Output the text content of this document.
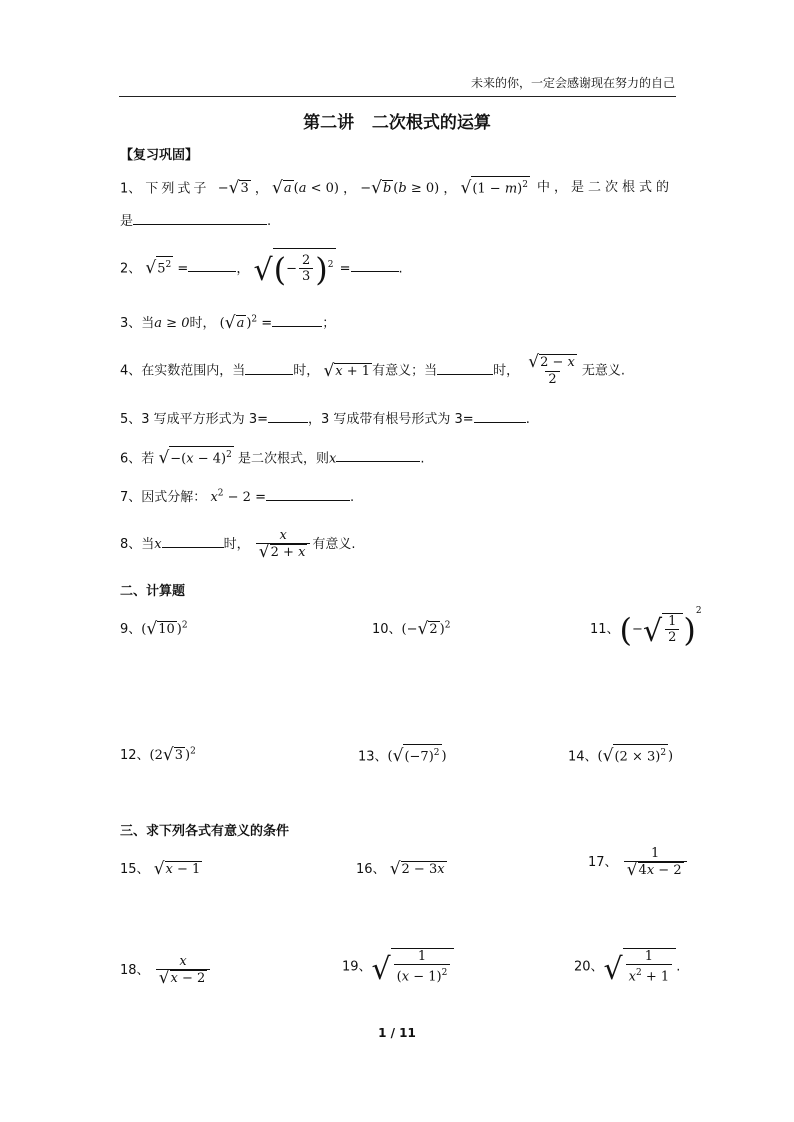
未来的你，一定会感谢现在努力的自己
第二讲   二次根式的运算
【复习巩固】
1、 下列式子  −√3 ， √a (a < 0) ， −√b (b ≥ 0) ， $√(1 - m)^2$ 中，是二次根式的
是	.
2、 $√5^2$ =	， √(− $\frac{2}{3} )^2$ =	.
3、当a ≥ 0时， (√a )$^2$ =	；
4、在实数范围内，当	时， √x + 1 有意义；当	时， $\frac{√2 - x}{2}$ 无意义.
5、3 写成平方形式为 3=	，3 写成带有根号形式为 3=	.
6、若 $√-(x - 4)^2$ 是二次根式，则x	.
7、因式分解： $x^2 - 2$ =	.
8、当x	时， $\frac{x}{√2 + x}$ 有意义.
二、计算题
9、(√10 )$^2$	10、(−√2 )$^2$	11、(−√ $\frac{1}{2} )^2$
12、(2√3 )$^2$	13、($√(-7)^2$ )	14、($√(2 \times 3)^2$ )
三、求下列各式有意义的条件
15、 √x − 1	16、 √2 − 3x	17、 $\frac{1}{√4x - 2}$
18、 $\frac{x}{√x - 2}$	19、√ $\frac{1}{(x - 1)^2}$	20、√ $\frac{1}{x^2 + 1}$ .
1 / 11
